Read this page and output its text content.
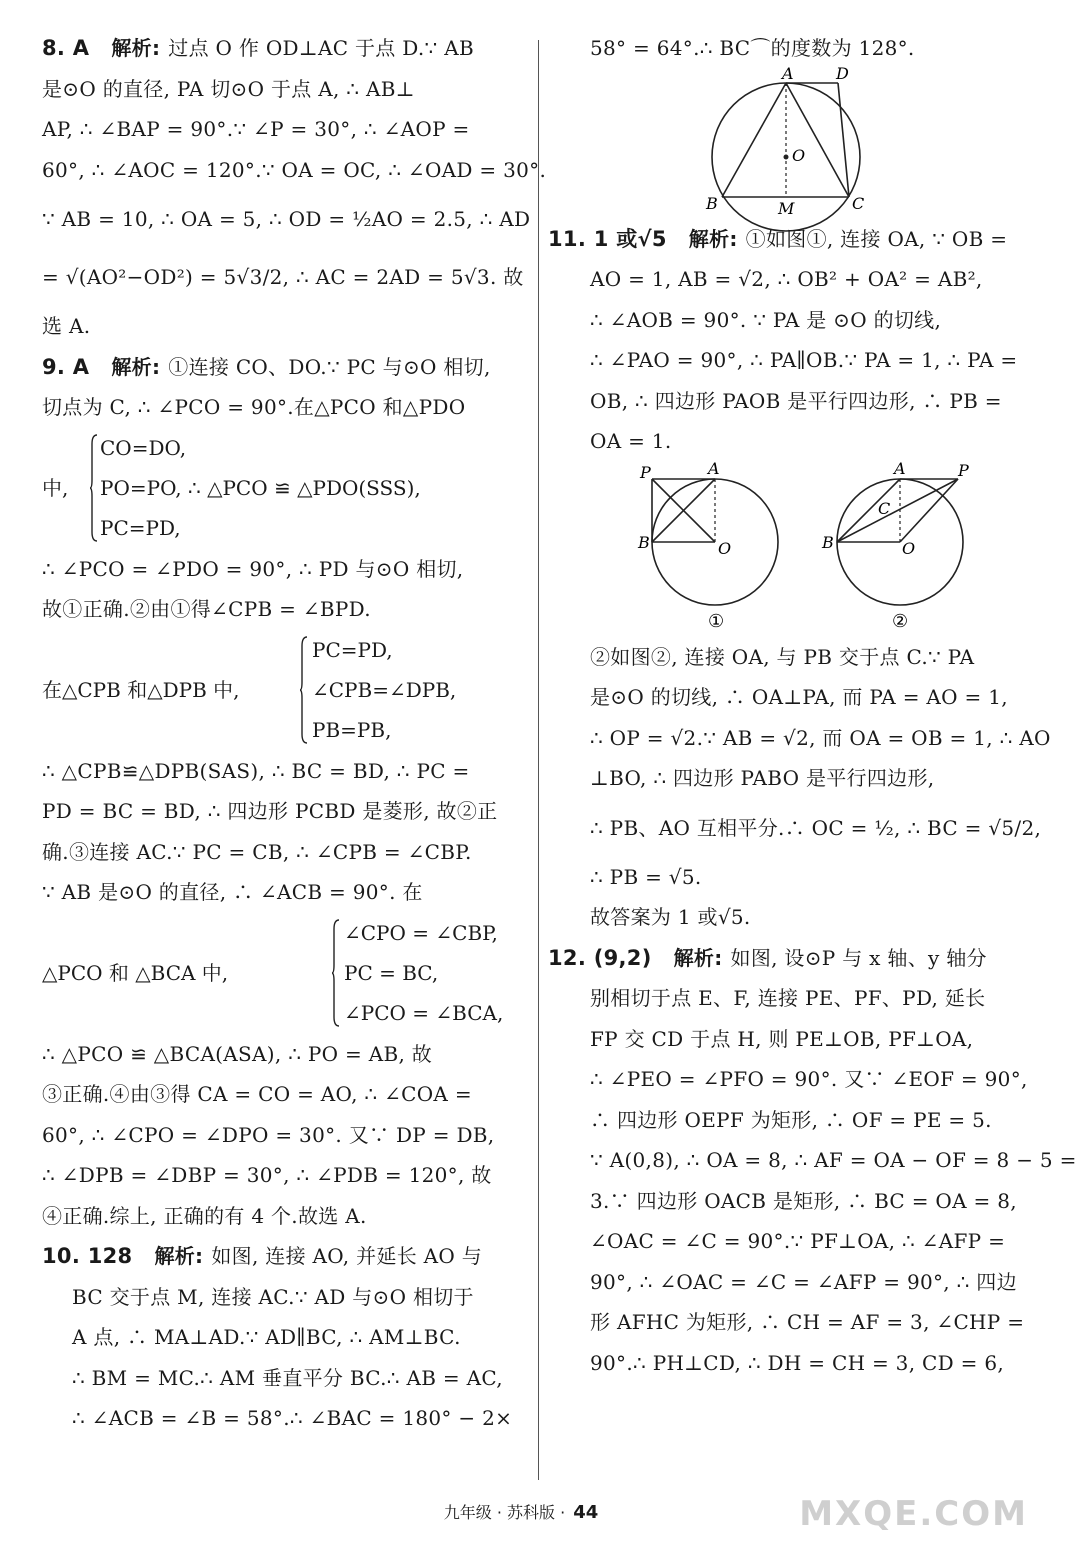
8. A 解析: 过点 O 作 OD⊥AC 于点 D.∵ AB
是⊙O 的直径, PA 切⊙O 于点 A, ∴ AB⊥
AP, ∴ ∠BAP = 90°.∵ ∠P = 30°, ∴ ∠AOP =
60°, ∴ ∠AOC = 120°.∵ OA = OC, ∴ ∠OAD = 30°.
∵ AB = 10, ∴ OA = 5, ∴ OD = ½AO = 2.5, ∴ AD
= √(AO²−OD²) = 5√3/2, ∴ AC = 2AD = 5√3. 故
选 A.
9. A 解析: ①连接 CO、DO.∵ PC 与⊙O 相切,
切点为 C, ∴ ∠PCO = 90°.在△PCO 和△PDO
中,
CO=DO,
PO=PO, ∴ △PCO ≌ △PDO(SSS),
PC=PD,
∴ ∠PCO = ∠PDO = 90°, ∴ PD 与⊙O 相切,
故①正确.②由①得∠CPB = ∠BPD.
在△CPB 和△DPB 中,
PC=PD,
∠CPB=∠DPB,
PB=PB,
∴ △CPB≌△DPB(SAS), ∴ BC = BD, ∴ PC =
PD = BC = BD, ∴ 四边形 PCBD 是菱形, 故②正
确.③连接 AC.∵ PC = CB, ∴ ∠CPB = ∠CBP.
∵ AB 是⊙O 的直径, ∴ ∠ACB = 90°. 在
△PCO 和 △BCA 中,
∠CPO = ∠CBP,
PC = BC,
∠PCO = ∠BCA,
∴ △PCO ≌ △BCA(ASA), ∴ PO = AB, 故
③正确.④由③得 CA = CO = AO, ∴ ∠COA =
60°, ∴ ∠CPO = ∠DPO = 30°. 又∵ DP = DB,
∴ ∠DPB = ∠DBP = 30°, ∴ ∠PDB = 120°, 故
④正确.综上, 正确的有 4 个.故选 A.
10. 128 解析: 如图, 连接 AO, 并延长 AO 与
BC 交于点 M, 连接 AC.∵ AD 与⊙O 相切于
A 点, ∴ MA⊥AD.∵ AD∥BC, ∴ AM⊥BC.
∴ BM = MC.∴ AM 垂直平分 BC.∴ AB = AC,
∴ ∠ACB = ∠B = 58°.∴ ∠BAC = 180° − 2×
58° = 64°.∴ BC⌒的度数为 128°.
A	D
O
B	M	C
11. 1 或√5 解析: ①如图①, 连接 OA, ∵ OB =
AO = 1, AB = √2, ∴ OB² + OA² = AB²,
∴ ∠AOB = 90°. ∵ PA 是 ⊙O 的切线,
∴ ∠PAO = 90°, ∴ PA∥OB.∵ PA = 1, ∴ PA =
OB, ∴ 四边形 PAOB 是平行四边形, ∴ PB =
OA = 1.
P	A
B	O
①
A	P
C
B	O
②
②如图②, 连接 OA, 与 PB 交于点 C.∵ PA
是⊙O 的切线, ∴ OA⊥PA, 而 PA = AO = 1,
∴ OP = √2.∵ AB = √2, 而 OA = OB = 1, ∴ AO
⊥BO, ∴ 四边形 PABO 是平行四边形,
∴ PB、AO 互相平分.∴ OC = ½, ∴ BC = √5/2,
∴ PB = √5.
故答案为 1 或√5.
12. (9,2) 解析: 如图, 设⊙P 与 x 轴、y 轴分
别相切于点 E、F, 连接 PE、PF、PD, 延长
FP 交 CD 于点 H, 则 PE⊥OB, PF⊥OA,
∴ ∠PEO = ∠PFO = 90°. 又∵ ∠EOF = 90°,
∴ 四边形 OEPF 为矩形, ∴ OF = PE = 5.
∵ A(0,8), ∴ OA = 8, ∴ AF = OA − OF = 8 − 5 =
3.∵ 四边形 OACB 是矩形, ∴ BC = OA = 8,
∠OAC = ∠C = 90°.∵ PF⊥OA, ∴ ∠AFP =
90°, ∴ ∠OAC = ∠C = ∠AFP = 90°, ∴ 四边
形 AFHC 为矩形, ∴ CH = AF = 3, ∠CHP =
90°.∴ PH⊥CD, ∴ DH = CH = 3, CD = 6,
九年级 · 苏科版 · 44	MXQE.COM
